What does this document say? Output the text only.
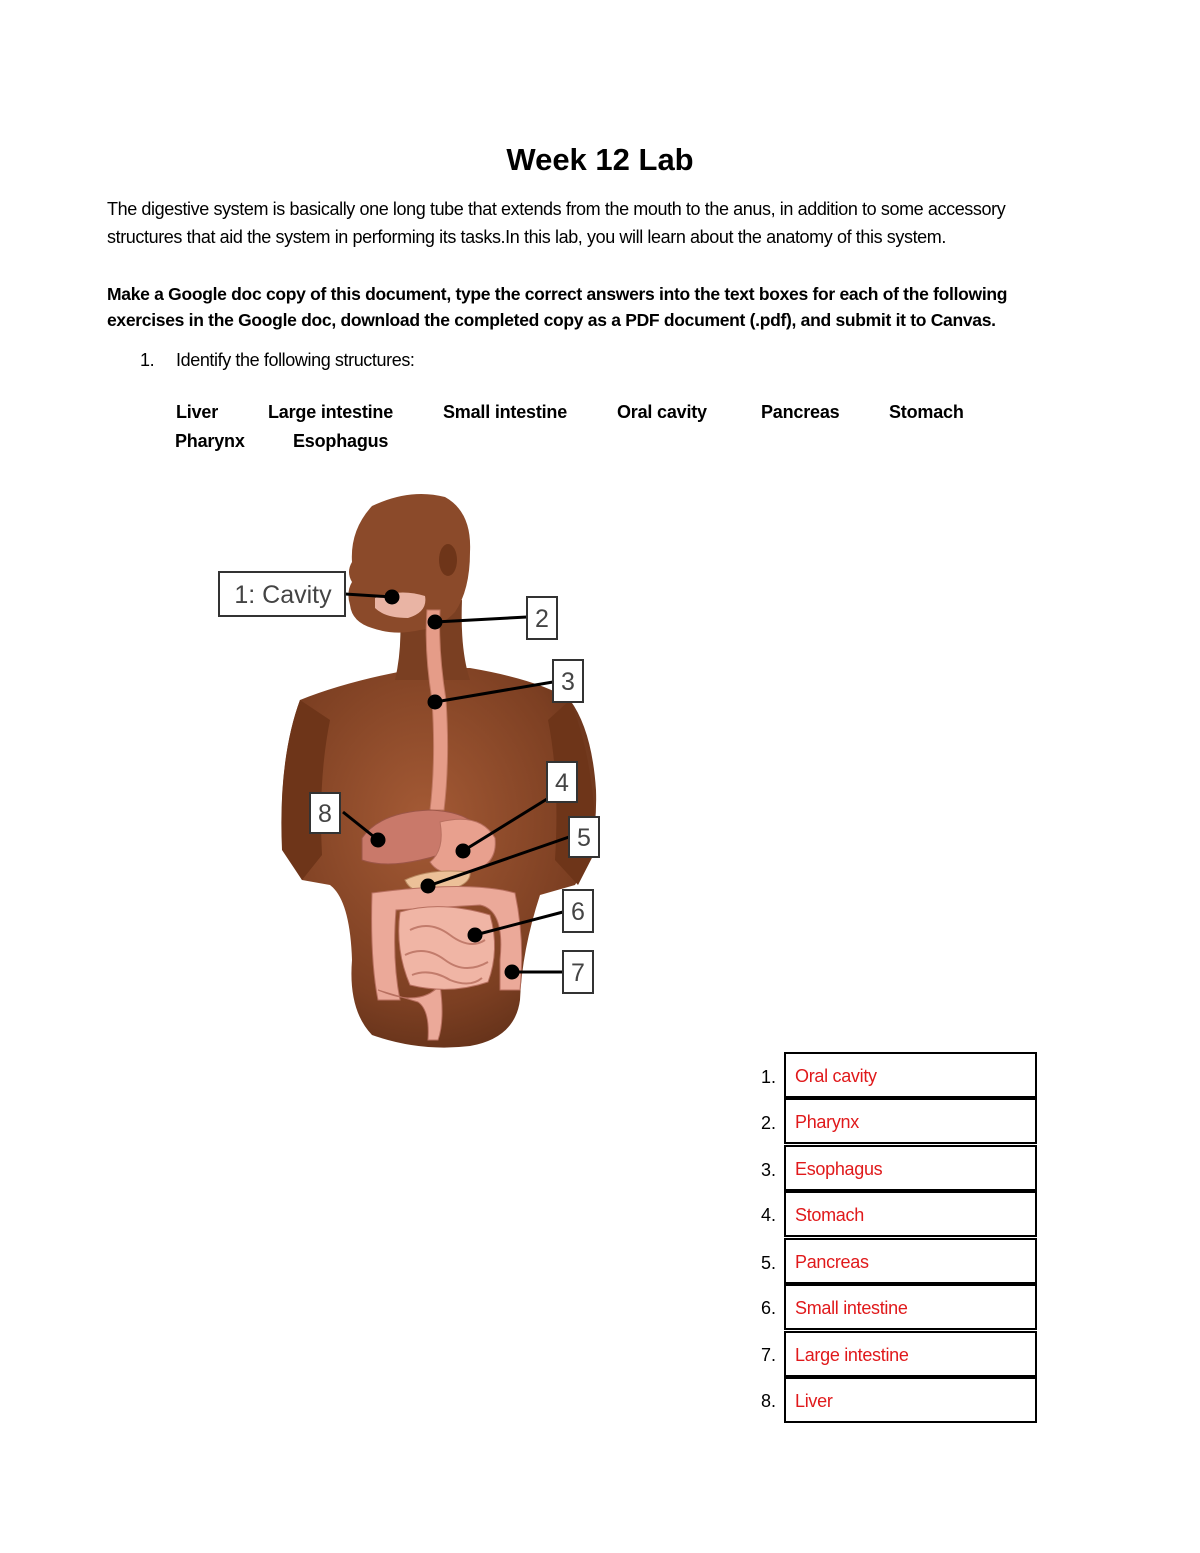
Week 12 Lab
The digestive system is basically one long tube that extends from the mouth to the anus, in addition to some accessory
structures that aid the system in performing its tasks.In this lab, you will learn about the anatomy of this system.
Make a Google doc copy of this document, type the correct answers into the text boxes for each of the following
exercises in the Google doc, download the completed copy as a PDF document (.pdf), and submit it to Canvas.
1. Identify the following structures:
Liver	Large intestine	Small intestine	Oral cavity	Pancreas	Stomach
Pharynx	Esophagus
1: Cavity
2
3
4
5
6
7
8
1.	Oral cavity
2.	Pharynx
3.	Esophagus
4.	Stomach
5.	Pancreas
6.	Small intestine
7.	Large intestine
8.	Liver
